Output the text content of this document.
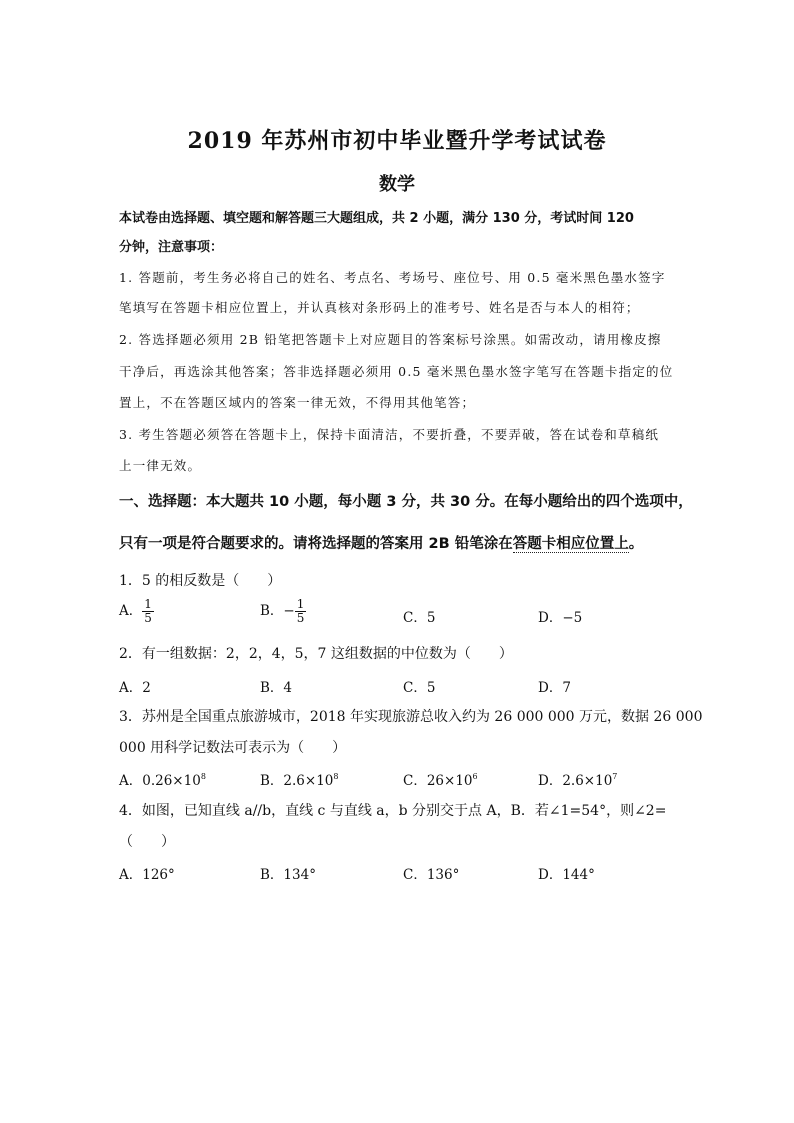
2019 年苏州市初中毕业暨升学考试试卷
数学
本试卷由选择题、填空题和解答题三大题组成，共 2 小题，满分 130 分，考试时间 120
分钟，注意事项：
1. 答题前，考生务必将自己的姓名、考点名、考场号、座位号、用 0.5 毫米黑色墨水签字
笔填写在答题卡相应位置上，并认真核对条形码上的准考号、姓名是否与本人的相符；
2. 答选择题必须用 2B 铅笔把答题卡上对应题目的答案标号涂黑。如需改动，请用橡皮擦
干净后，再选涂其他答案；答非选择题必须用 0.5 毫米黑色墨水签字笔写在答题卡指定的位
置上，不在答题区域内的答案一律无效，不得用其他笔答；
3. 考生答题必须答在答题卡上，保持卡面清洁，不要折叠，不要弄破，答在试卷和草稿纸
上一律无效。
一、选择题：本大题共 10 小题，每小题 3 分，共 30 分。在每小题给出的四个选项中，
只有一项是符合题要求的。请将选择题的答案用 2B 铅笔涂在答题卡相应位置上。
1．5 的相反数是（　　）
A． $\frac{1}{5}$	B．− $\frac{1}{5}$	C．5	D．−5
2．有一组数据：2，2，4，5，7 这组数据的中位数为（　　）
A．2	B．4	C．5	D．7
3．苏州是全国重点旅游城市，2018 年实现旅游总收入约为 26 000 000 万元，数据 26 000
000 用科学记数法可表示为（　　）
A．$0.26\times 10^8$	B．$2.6\times 10^8$	C．$26\times 10^6$	D．$2.6\times 10^7$
4．如图，已知直线 a//b，直线 c 与直线 a，b 分别交于点 A，B．若∠1=54°，则∠2=
（　　）
A．126°	B．134°	C．136°	D．144°
